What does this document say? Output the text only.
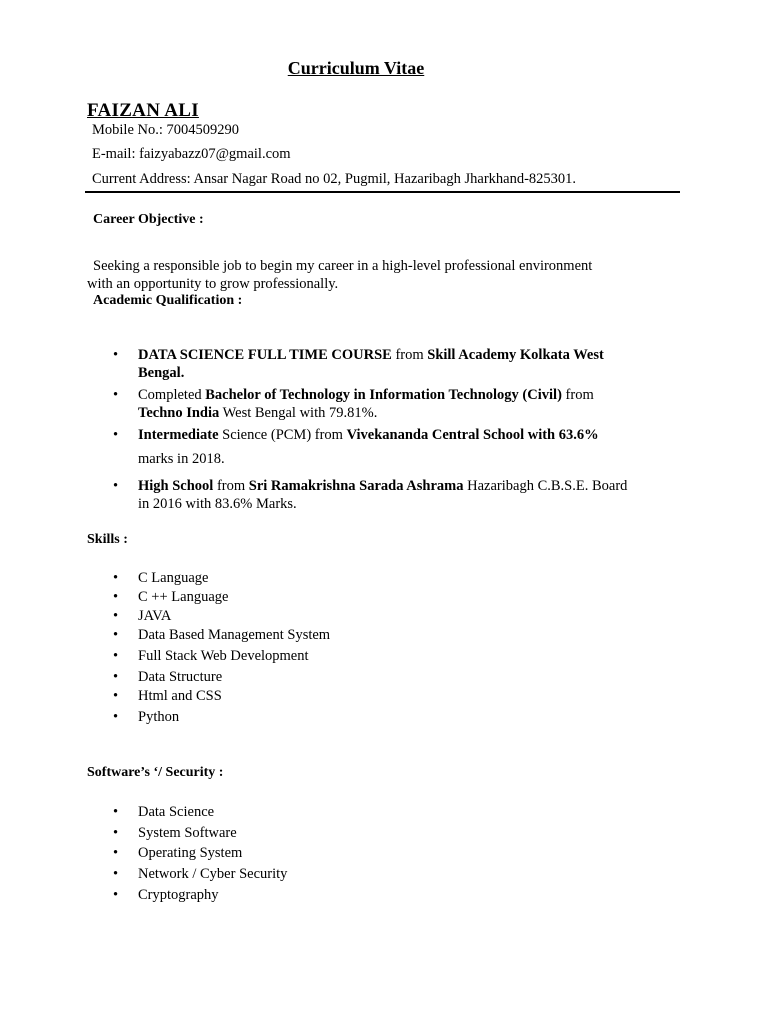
Curriculum Vitae
FAIZAN ALI
Mobile No.: 7004509290
E-mail: faizyabazz07@gmail.com
Current Address: Ansar Nagar Road no 02, Pugmil, Hazaribagh Jharkhand-825301.
Career Objective :
Seeking a responsible job to begin my career in a high-level professional environment
with an opportunity to grow professionally.
Academic Qualification :
• DATA SCIENCE FULL TIME COURSE from Skill Academy Kolkata West
Bengal.
• Completed Bachelor of Technology in Information Technology (Civil) from
Techno India West Bengal with 79.81%.
• Intermediate Science (PCM) from Vivekananda Central School with 63.6%
marks in 2018.
• High School from Sri Ramakrishna Sarada Ashrama Hazaribagh C.B.S.E. Board
in 2016 with 83.6% Marks.
Skills :
• C Language
• C ++ Language
• JAVA
• Data Based Management System
• Full Stack Web Development
• Data Structure
• Html and CSS
• Python
Software’s ‘/ Security :
• Data Science
• System Software
• Operating System
• Network / Cyber Security
• Cryptography
